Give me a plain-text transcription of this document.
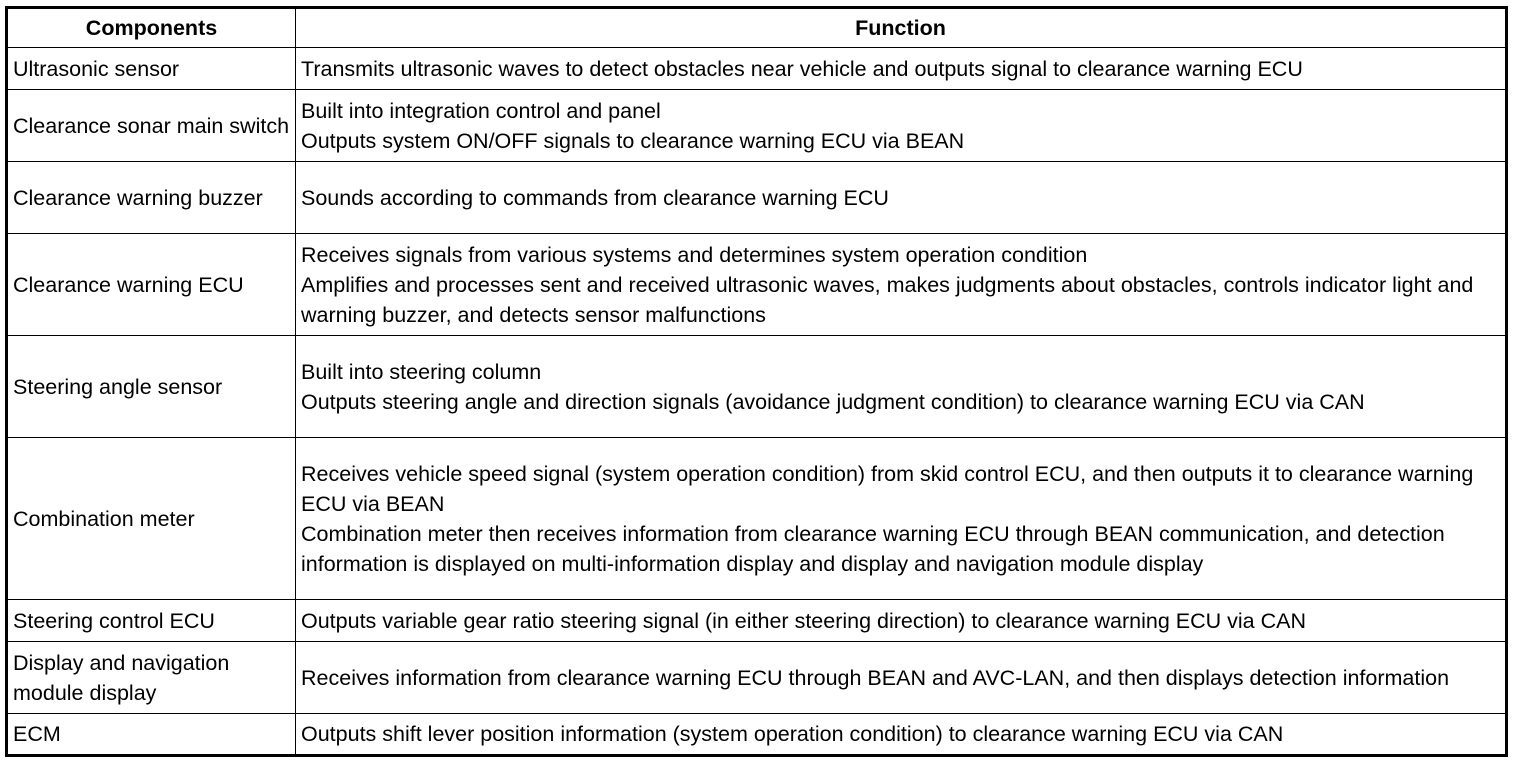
Components	Function
Ultrasonic sensor	Transmits ultrasonic waves to detect obstacles near vehicle and outputs signal to clearance warning ECU

Clearance sonar main switch	Built into integration control and panel
Outputs system ON/OFF signals to clearance warning ECU via BEAN

Clearance warning buzzer	Sounds according to commands from clearance warning ECU

Clearance warning ECU	Receives signals from various systems and determines system operation condition
Amplifies and processes sent and received ultrasonic waves, makes judgments about obstacles, controls indicator light and warning buzzer, and detects sensor malfunctions

Steering angle sensor	Built into steering column
Outputs steering angle and direction signals (avoidance judgment condition) to clearance warning ECU via CAN

Combination meter	Receives vehicle speed signal (system operation condition) from skid control ECU, and then outputs it to clearance warning ECU via BEAN
Combination meter then receives information from clearance warning ECU through BEAN communication, and detection information is displayed on multi-information display and display and navigation module display

Steering control ECU	Outputs variable gear ratio steering signal (in either steering direction) to clearance warning ECU via CAN

Display and navigation module display	Receives information from clearance warning ECU through BEAN and AVC-LAN, and then displays detection information

ECM	Outputs shift lever position information (system operation condition) to clearance warning ECU via CAN
